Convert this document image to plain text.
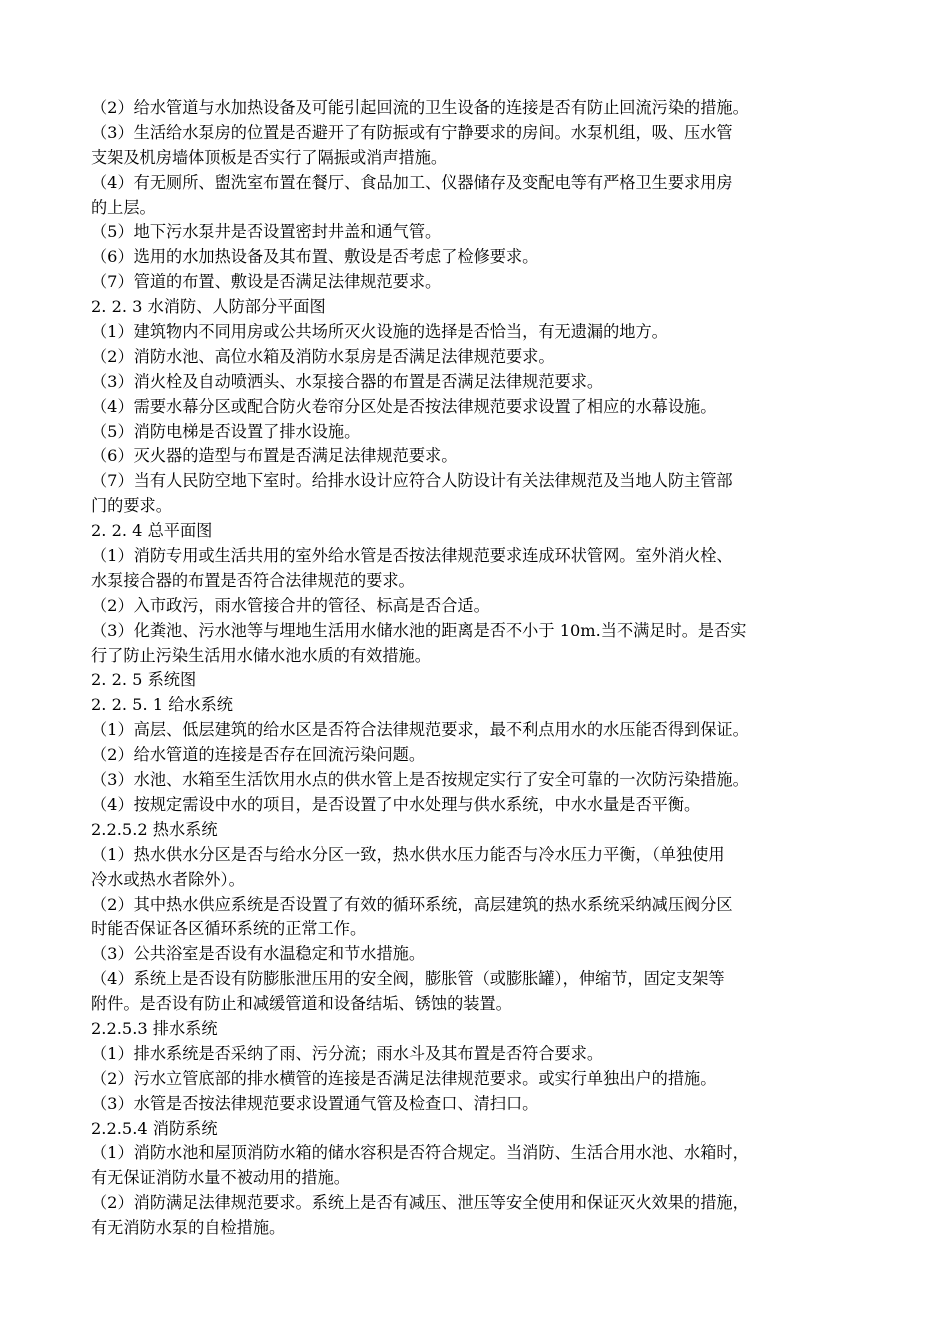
（2）给水管道与水加热设备及可能引起回流的卫生设备的连接是否有防止回流污染的措施。
（3）生活给水泵房的位置是否避开了有防振或有宁静要求的房间。水泵机组，吸、压水管
支架及机房墙体顶板是否实行了隔振或消声措施。
（4）有无厕所、盥洗室布置在餐厅、食品加工、仪器储存及变配电等有严格卫生要求用房
的上层。
（5）地下污水泵井是否设置密封井盖和通气管。
（6）选用的水加热设备及其布置、敷设是否考虑了检修要求。
（7）管道的布置、敷设是否满足法律规范要求。
2. 2. 3 水消防、人防部分平面图
（1）建筑物内不同用房或公共场所灭火设施的选择是否恰当，有无遗漏的地方。
（2）消防水池、高位水箱及消防水泵房是否满足法律规范要求。
（3）消火栓及自动喷洒头、水泵接合器的布置是否满足法律规范要求。
（4）需要水幕分区或配合防火卷帘分区处是否按法律规范要求设置了相应的水幕设施。
（5）消防电梯是否设置了排水设施。
（6）灭火器的造型与布置是否满足法律规范要求。
（7）当有人民防空地下室时。给排水设计应符合人防设计有关法律规范及当地人防主管部
门的要求。
2. 2. 4 总平面图
（1）消防专用或生活共用的室外给水管是否按法律规范要求连成环状管网。室外消火栓、
水泵接合器的布置是否符合法律规范的要求。
（2）入市政污，雨水管接合井的管径、标高是否合适。
（3）化粪池、污水池等与埋地生活用水储水池的距离是否不小于 10m.当不满足时。是否实
行了防止污染生活用水储水池水质的有效措施。
2. 2. 5 系统图
2. 2. 5. 1 给水系统
（1）高层、低层建筑的给水区是否符合法律规范要求，最不利点用水的水压能否得到保证。
（2）给水管道的连接是否存在回流污染问题。
（3）水池、水箱至生活饮用水点的供水管上是否按规定实行了安全可靠的一次防污染措施。
（4）按规定需设中水的项目，是否设置了中水处理与供水系统，中水水量是否平衡。
2.2.5.2 热水系统
（1）热水供水分区是否与给水分区一致，热水供水压力能否与冷水压力平衡，（单独使用
冷水或热水者除外）。
（2）其中热水供应系统是否设置了有效的循环系统，高层建筑的热水系统采纳减压阀分区
时能否保证各区循环系统的正常工作。
（3）公共浴室是否设有水温稳定和节水措施。
（4）系统上是否设有防膨胀泄压用的安全阀，膨胀管（或膨胀罐），伸缩节，固定支架等
附件。是否设有防止和减缓管道和设备结垢、锈蚀的装置。
2.2.5.3 排水系统
（1）排水系统是否采纳了雨、污分流；雨水斗及其布置是否符合要求。
（2）污水立管底部的排水横管的连接是否满足法律规范要求。或实行单独出户的措施。
（3）水管是否按法律规范要求设置通气管及检查口、清扫口。
2.2.5.4 消防系统
（1）消防水池和屋顶消防水箱的储水容积是否符合规定。当消防、生活合用水池、水箱时，
有无保证消防水量不被动用的措施。
（2）消防满足法律规范要求。系统上是否有减压、泄压等安全使用和保证灭火效果的措施，
有无消防水泵的自检措施。
